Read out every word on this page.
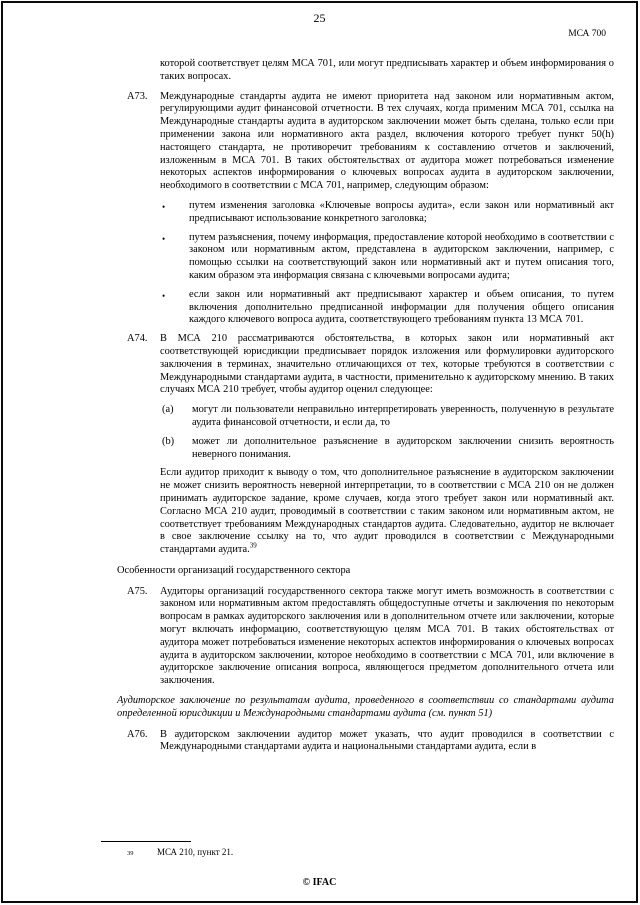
25
МСА 700

которой соответствует целям МСА 701, или могут предписывать характер и объем информирования о таких вопросах.

А73.	Международные стандарты аудита не имеют приоритета над законом или нормативным актом, регулирующими аудит финансовой отчетности. В тех случаях, когда применим МСА 701, ссылка на Международные стандарты аудита в аудиторском заключении может быть сделана, только если при применении закона или нормативного акта раздел, включения которого требует пункт 50(h) настоящего стандарта, не противоречит требованиям к составлению отчетов и заключений, изложенным в МСА 701. В таких обстоятельствах от аудитора может потребоваться изменение некоторых аспектов информирования о ключевых вопросах аудита в аудиторском заключении, необходимого в соответствии с МСА 701, например, следующим образом:
•	путем изменения заголовка «Ключевые вопросы аудита», если закон или нормативный акт предписывают использование конкретного заголовка;
•	путем разъяснения, почему информация, предоставление которой необходимо в соответствии с законом или нормативным актом, представлена в аудиторском заключении, например, с помощью ссылки на соответствующий закон или нормативный акт и путем описания того, каким образом эта информация связана с ключевыми вопросами аудита;
•	если закон или нормативный акт предписывают характер и объем описания, то путем включения дополнительно предписанной информации для получения общего описания каждого ключевого вопроса аудита, соответствующего требованиям пункта 13 МСА 701.
А74.	В МСА 210 рассматриваются обстоятельства, в которых закон или нормативный акт соответствующей юрисдикции предписывает порядок изложения или формулировки аудиторского заключения в терминах, значительно отличающихся от тех, которые требуются в соответствии с Международными стандартами аудита, в частности, применительно к аудиторскому мнению. В таких случаях МСА 210 требует, чтобы аудитор оценил следующее:
(a)	могут ли пользователи неправильно интерпретировать уверенность, полученную в результате аудита финансовой отчетности, и если да, то
(b)	может ли дополнительное разъяснение в аудиторском заключении снизить вероятность неверного понимания.

Если аудитор приходит к выводу о том, что дополнительное разъяснение в аудиторском заключении не может снизить вероятность неверной интерпретации, то в соответствии с МСА 210 он не должен принимать аудиторское задание, кроме случаев, когда этого требует закон или нормативный акт. Согласно МСА 210 аудит, проводимый в соответствии с таким законом или нормативным актом, не соответствует требованиям Международных стандартов аудита. Следовательно, аудитор не включает в свое заключение ссылку на то, что аудит проводился в соответствии с Международными стандартами аудита.$^{39}$

Особенности организаций государственного сектора
А75.	Аудиторы организаций государственного сектора также могут иметь возможность в соответствии с законом или нормативным актом предоставлять общедоступные отчеты и заключения по некоторым вопросам в рамках аудиторского заключения или в дополнительном отчете или заключении, которые могут включать информацию, соответствующую целям МСА 701. В таких обстоятельствах от аудитора может потребоваться изменение некоторых аспектов информирования о ключевых вопросах аудита в аудиторском заключении, которое необходимо в соответствии с МСА 701, или включение в аудиторское заключение описания вопроса, являющегося предметом дополнительного отчета или заключения.

Аудиторское заключение по результатам аудита, проведенного в соответствии со стандартами аудита определенной юрисдикции и Международными стандартами аудита (см. пункт 51)

А76.	В аудиторском заключении аудитор может указать, что аудит проводился в соответствии с Международными стандартами аудита и национальными стандартами аудита, если в
39	МСА 210, пункт 21.
© IFAC
